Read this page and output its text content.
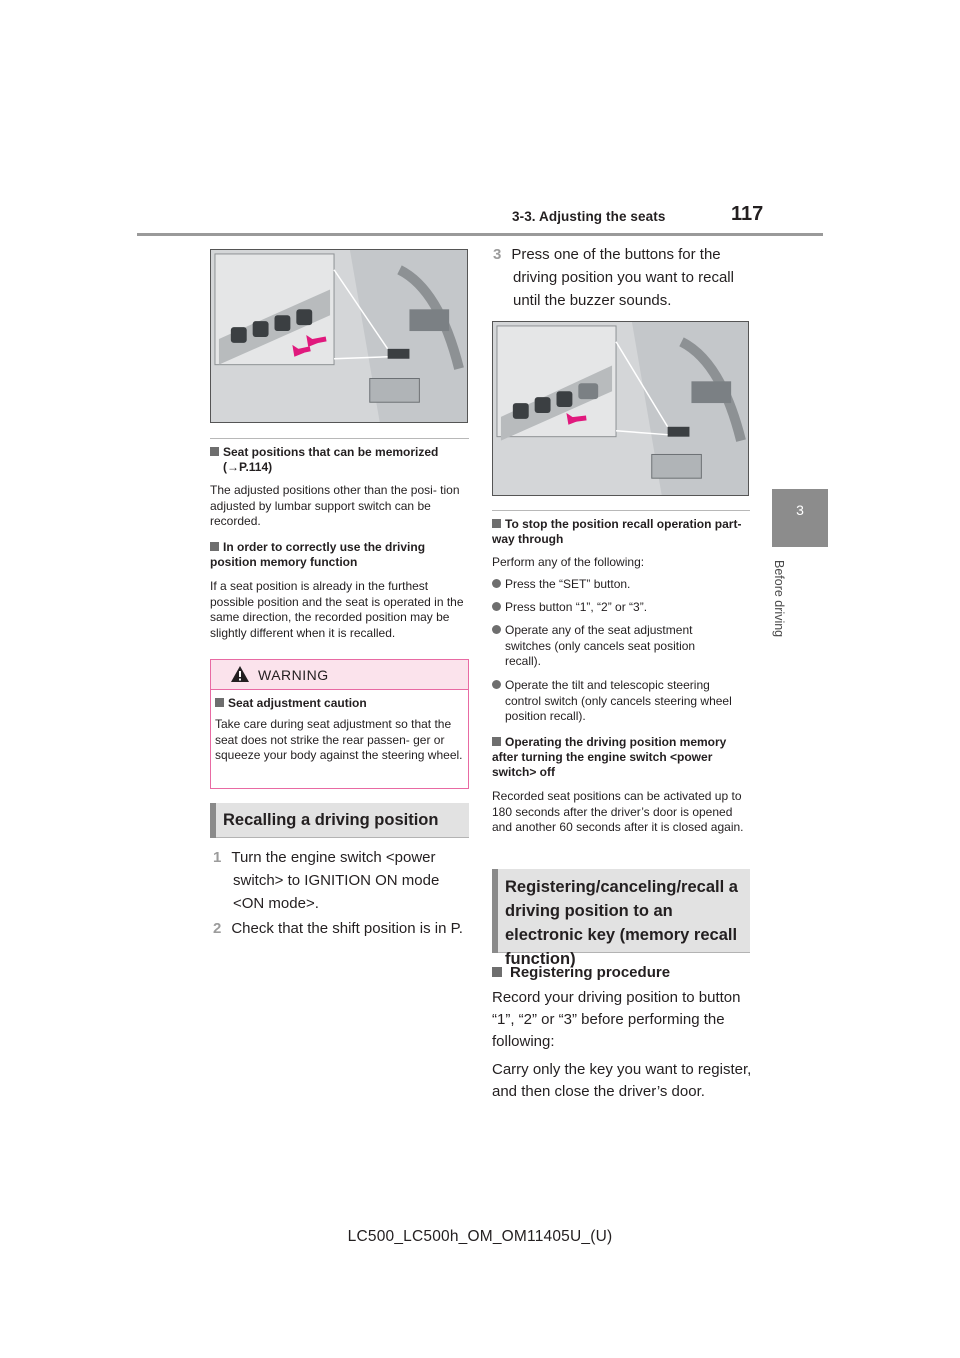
3-3. Adjusting the seats	117
3
Before driving
Seat positions that can be memorized
(→P.114)
The adjusted positions other than the posi- tion adjusted by lumbar support switch can be recorded.
In order to correctly use the driving position memory function
If a seat position is already in the furthest possible position and the seat is operated in the same direction, the recorded position may be slightly different when it is recalled.
WARNING
Seat adjustment caution
Take care during seat adjustment so that the seat does not strike the rear passen- ger or squeeze your body against the steering wheel.
Recalling a driving position
1 Turn the engine switch <power switch> to IGNITION ON mode <ON mode>.
2 Check that the shift position is in P.
3 Press one of the buttons for the driving position you want to recall until the buzzer sounds.
To stop the position recall operation part-way through
Perform any of the following:
Press the “SET” button.
Press button “1”, “2” or “3”.
Operate any of the seat adjustment switches (only cancels seat position recall).
Operate the tilt and telescopic steering control switch (only cancels steering wheel position recall).
Operating the driving position memory after turning the engine switch <power switch> off
Recorded seat positions can be activated up to 180 seconds after the driver’s door is opened and another 60 seconds after it is closed again.
Registering/canceling/recall a driving position to an electronic key (memory recall function)
Registering procedure
Record your driving position to button “1”, “2” or “3” before performing the following:
Carry only the key you want to register, and then close the driver’s door.
LC500_LC500h_OM_OM11405U_(U)
